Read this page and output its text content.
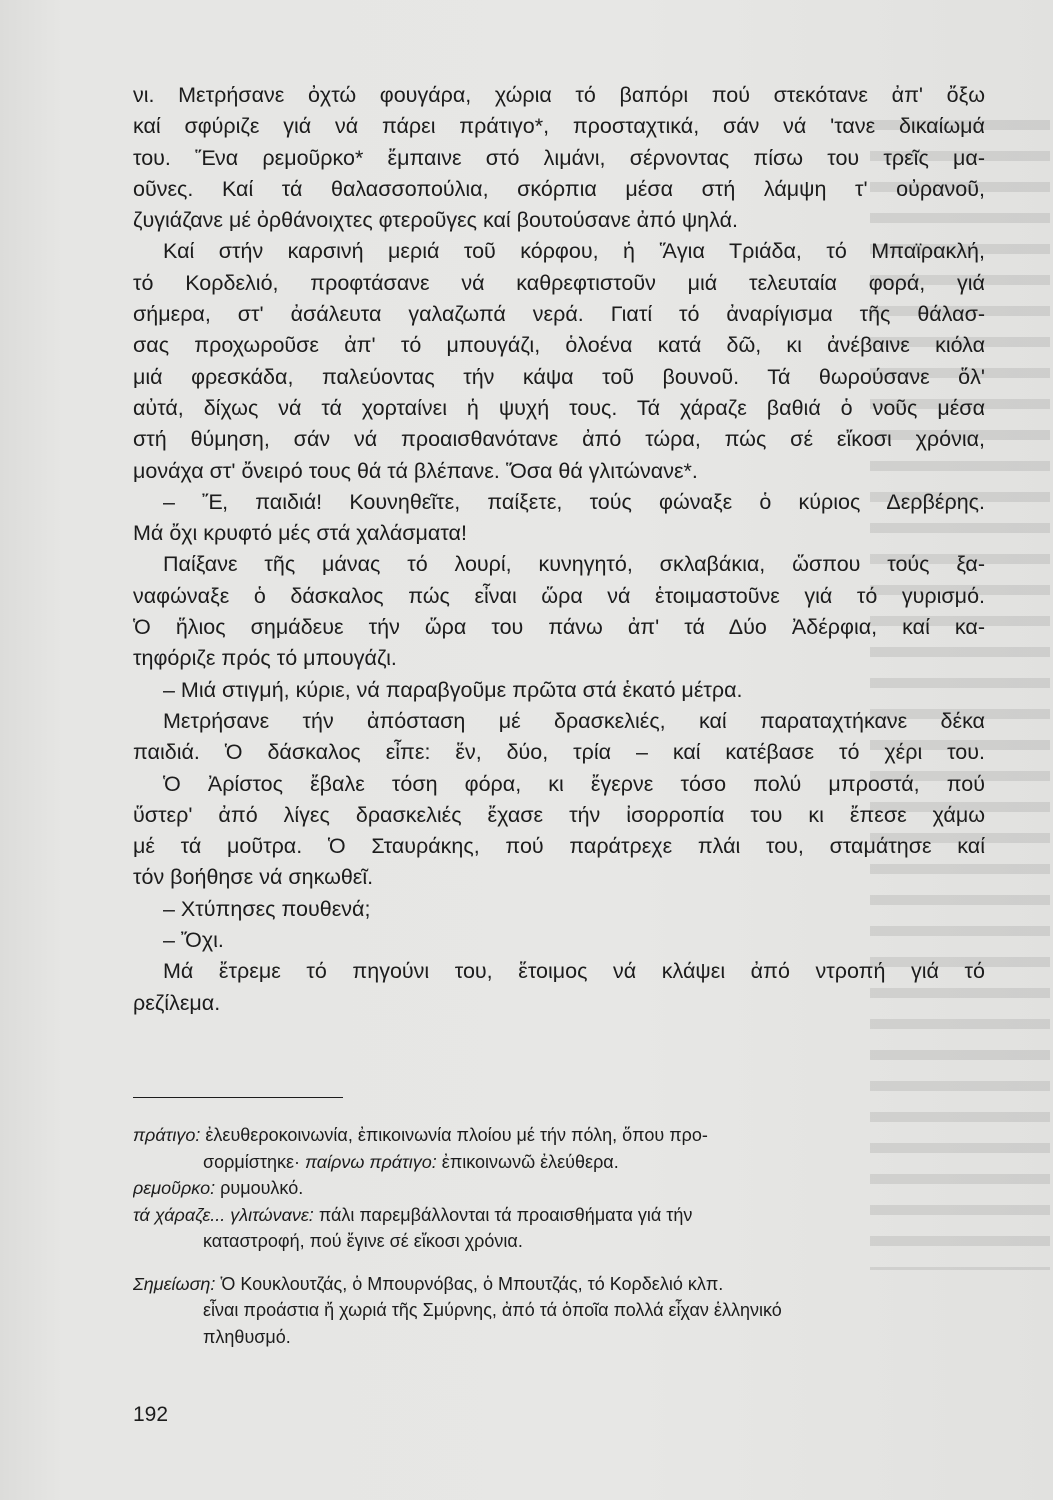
νι. Μετρήσανε ὀχτώ φουγάρα, χώρια τό βαπόρι πού στεκότανε ἀπ' ὄξω
καί σφύριζε γιά νά πάρει πράτιγο*, προσταχτικά, σάν νά 'τανε δικαίωμά
του. Ἕνα ρεμοῦρκο* ἔμπαινε στό λιμάνι, σέρνοντας πίσω του τρεῖς μα-
οῦνες. Καί τά θαλασσοπούλια, σκόρπια μέσα στή λάμψη τ' οὐρανοῦ,
ζυγιάζανε μέ ὀρθάνοιχτες φτεροῦγες καί βουτούσανε ἀπό ψηλά.
Καί στήν καρσινή μεριά τοῦ κόρφου, ἡ Ἅγια Τριάδα, τό Μπαϊρακλή,
τό Κορδελιό, προφτάσανε νά καθρεφτιστοῦν μιά τελευταία φορά, γιά
σήμερα, στ' ἀσάλευτα γαλαζωπά νερά. Γιατί τό ἀναρίγισμα τῆς θάλασ-
σας προχωροῦσε ἀπ' τό μπουγάζι, ὁλοένα κατά δῶ, κι ἀνέβαινε κιόλα
μιά φρεσκάδα, παλεύοντας τήν κάψα τοῦ βουνοῦ. Τά θωρούσανε ὅλ'
αὐτά, δίχως νά τά χορταίνει ἡ ψυχή τους. Τά χάραζε βαθιά ὁ νοῦς μέσα
στή θύμηση, σάν νά προαισθανότανε ἀπό τώρα, πώς σέ εἴκοσι χρόνια,
μονάχα στ' ὄνειρό τους θά τά βλέπανε. Ὅσα θά γλιτώνανε*.
– Ἔ, παιδιά! Κουνηθεῖτε, παίξετε, τούς φώναξε ὁ κύριος Δερβέρης.
Μά ὄχι κρυφτό μές στά χαλάσματα!
Παίξανε τῆς μάνας τό λουρί, κυνηγητό, σκλαβάκια, ὥσπου τούς ξα-
ναφώναξε ὁ δάσκαλος πώς εἶναι ὥρα νά ἑτοιμαστοῦνε γιά τό γυρισμό.
Ὁ ἥλιος σημάδευε τήν ὥρα του πάνω ἀπ' τά Δύο Ἀδέρφια, καί κα-
τηφόριζε πρός τό μπουγάζι.
– Μιά στιγμή, κύριε, νά παραβγοῦμε πρῶτα στά ἑκατό μέτρα.
Μετρήσανε τήν ἀπόσταση μέ δρασκελιές, καί παραταχτήκανε δέκα
παιδιά. Ὁ δάσκαλος εἶπε: ἕν, δύο, τρία – καί κατέβασε τό χέρι του.
Ὁ Ἀρίστος ἔβαλε τόση φόρα, κι ἔγερνε τόσο πολύ μπροστά, πού
ὕστερ' ἀπό λίγες δρασκελιές ἔχασε τήν ἰσορροπία του κι ἔπεσε χάμω
μέ τά μοῦτρα. Ὁ Σταυράκης, πού παράτρεχε πλάι του, σταμάτησε καί
τόν βοήθησε νά σηκωθεῖ.
– Χτύπησες πουθενά;
– Ὄχι.
Μά ἔτρεμε τό πηγούνι του, ἕτοιμος νά κλάψει ἀπό ντροπή γιά τό
ρεζίλεμα.
πράτιγο: ἐλευθεροκοινωνία, ἐπικοινωνία πλοίου μέ τήν πόλη, ὅπου προ-
σορμίστηκε· παίρνω πράτιγο: ἐπικοινωνῶ ἐλεύθερα.
ρεμοῦρκο: ρυμουλκό.
τά χάραζε... γλιτώνανε: πάλι παρεμβάλλονται τά προαισθήματα γιά τήν
καταστροφή, πού ἔγινε σέ εἴκοσι χρόνια.
Σημείωση: Ὁ Κουκλουτζάς, ὁ Μπουρνόβας, ὁ Μπουτζάς, τό Κορδελιό κλπ.
εἶναι προάστια ἤ χωριά τῆς Σμύρνης, ἀπό τά ὁποῖα πολλά εἶχαν ἑλληνικό
πληθυσμό.
192
